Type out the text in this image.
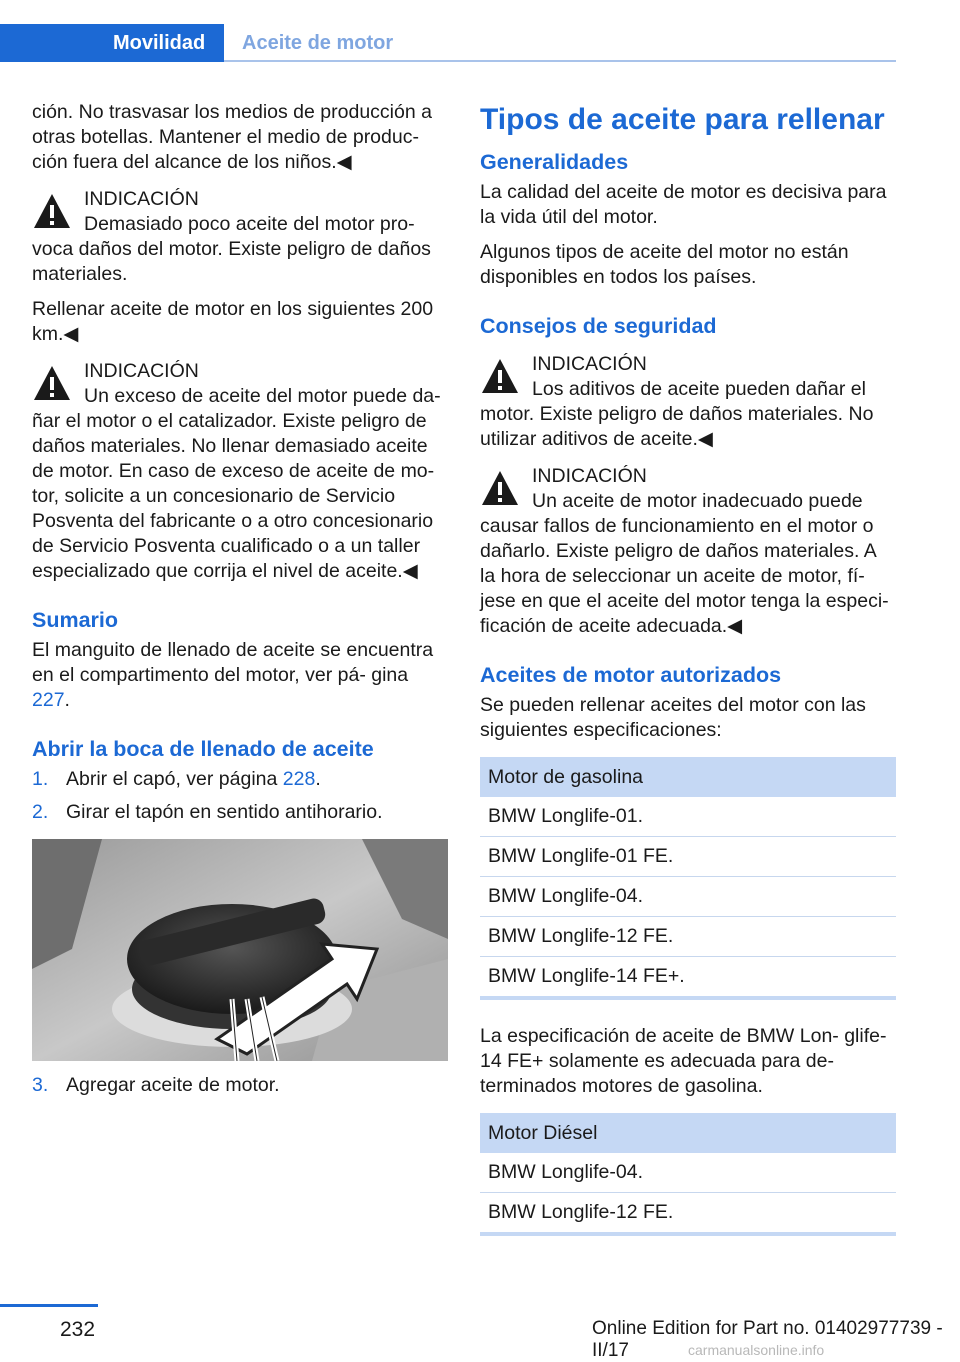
Movilidad	Aceite de motor

ción. No trasvasar los medios de producción a otras botellas. Mantener el medio de produc‐ ción fuera del alcance de los niños.◀

INDICACIÓN
Demasiado poco aceite del motor pro‐ voca daños del motor. Existe peligro de daños materiales.

Rellenar aceite de motor en los siguientes 200 km.◀

INDICACIÓN
Un exceso de aceite del motor puede da‐ ñar el motor o el catalizador. Existe peligro de daños materiales. No llenar demasiado aceite de motor. En caso de exceso de aceite de mo‐ tor, solicite a un concesionario de Servicio Posventa del fabricante o a otro concesionario de Servicio Posventa cualificado o a un taller especializado que corrija el nivel de aceite.◀
Sumario

El manguito de llenado de aceite se encuentra en el compartimento del motor, ver pá‐ gina 227.

Abrir la boca de llenado de aceite
1. Abrir el capó, ver página 228.
2. Girar el tapón en sentido antihorario.
3. Agregar aceite de motor.
Tipos de aceite para rellenar
Generalidades

La calidad del aceite de motor es decisiva para la vida útil del motor.

Algunos tipos de aceite del motor no están disponibles en todos los países.

Consejos de seguridad
INDICACIÓN
Los aditivos de aceite pueden dañar el motor. Existe peligro de daños materiales. No utilizar aditivos de aceite.◀
INDICACIÓN
Un aceite de motor inadecuado puede causar fallos de funcionamiento en el motor o dañarlo. Existe peligro de daños materiales. A la hora de seleccionar un aceite de motor, fí‐ jese en que el aceite del motor tenga la especi‐ ficación de aceite adecuada.◀
Aceites de motor autorizados

Se pueden rellenar aceites del motor con las siguientes especificaciones:

Motor de gasolina
BMW Longlife-01.
BMW Longlife-01 FE.
BMW Longlife-04.
BMW Longlife-12 FE.
BMW Longlife-14 FE+.

La especificación de aceite de BMW Lon‐ glife-14 FE+ solamente es adecuada para de‐ terminados motores de gasolina.

Motor Diésel
BMW Longlife-04.
BMW Longlife-12 FE.
232	Online Edition for Part no. 01402977739 - II/17	carmanualsonline.info
